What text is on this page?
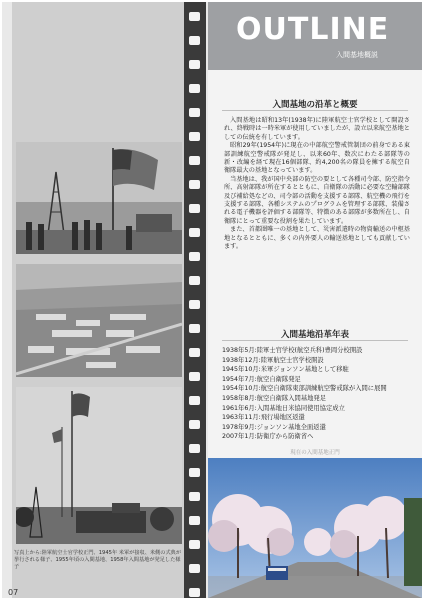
写真上から:陸軍航空士官学校正門、1945年 米軍が接収、米側の式典が挙行される様子、1955年頃の入間基地、1958年入間基地が発足した様子
07
OUTLINE
入間基地概説
入間基地の沿革と概要

入間基地は昭和13年(1938年)に陸軍航空士官学校として開設され、終戦時は一時米軍が使用していましたが、設立以来航空基地としての伝統を有しています。

昭和29年(1954年)に現在の中部航空警戒管制団の前身である東部訓練航空警戒隊が発足し、以来60年、数次にわたる部隊等の新・改編を経て現在16個部隊、約4,200名の隊員を擁する航空自衛隊最大の基地となっています。

当基地は、我が国中央部の防空の要として各種司令部、防空指令所、高射部隊が所在するとともに、自衛隊の活動に必要な空輸部隊及び補給処などの、司令部の活動を支援する部隊、航空機の飛行を支援する部隊、各種システムのプログラムを管理する部隊、装備される電子機器を評価する部隊等、特徴のある部隊が多数所在し、自衛隊にとって重要な役割を果たしています。

また、首都圏唯一の基地として、災害派遣時の物資輸送の中枢基地となるとともに、多くの内外要人の輸送基地としても貢献しています。

入間基地沿革年表
1938年5月:陸軍士官学校(航空兵科)豊岡分校開設
1938年12月:陸軍航空士官学校開設
1945年10月:米軍ジョンソン基地として移駐
1954年7月:航空自衛隊発足
1954年10月:航空自衛隊東部訓練航空警戒隊が入間に展開
1958年8月:航空自衛隊入間基地発足
1961年6月:入間基地日米協同使用協定成立
1963年11月:飛行場地区返還
1978年9月:ジョンソン基地全面返還
2007年1月:防衛庁から防衛省へ
現在の入間基地正門
